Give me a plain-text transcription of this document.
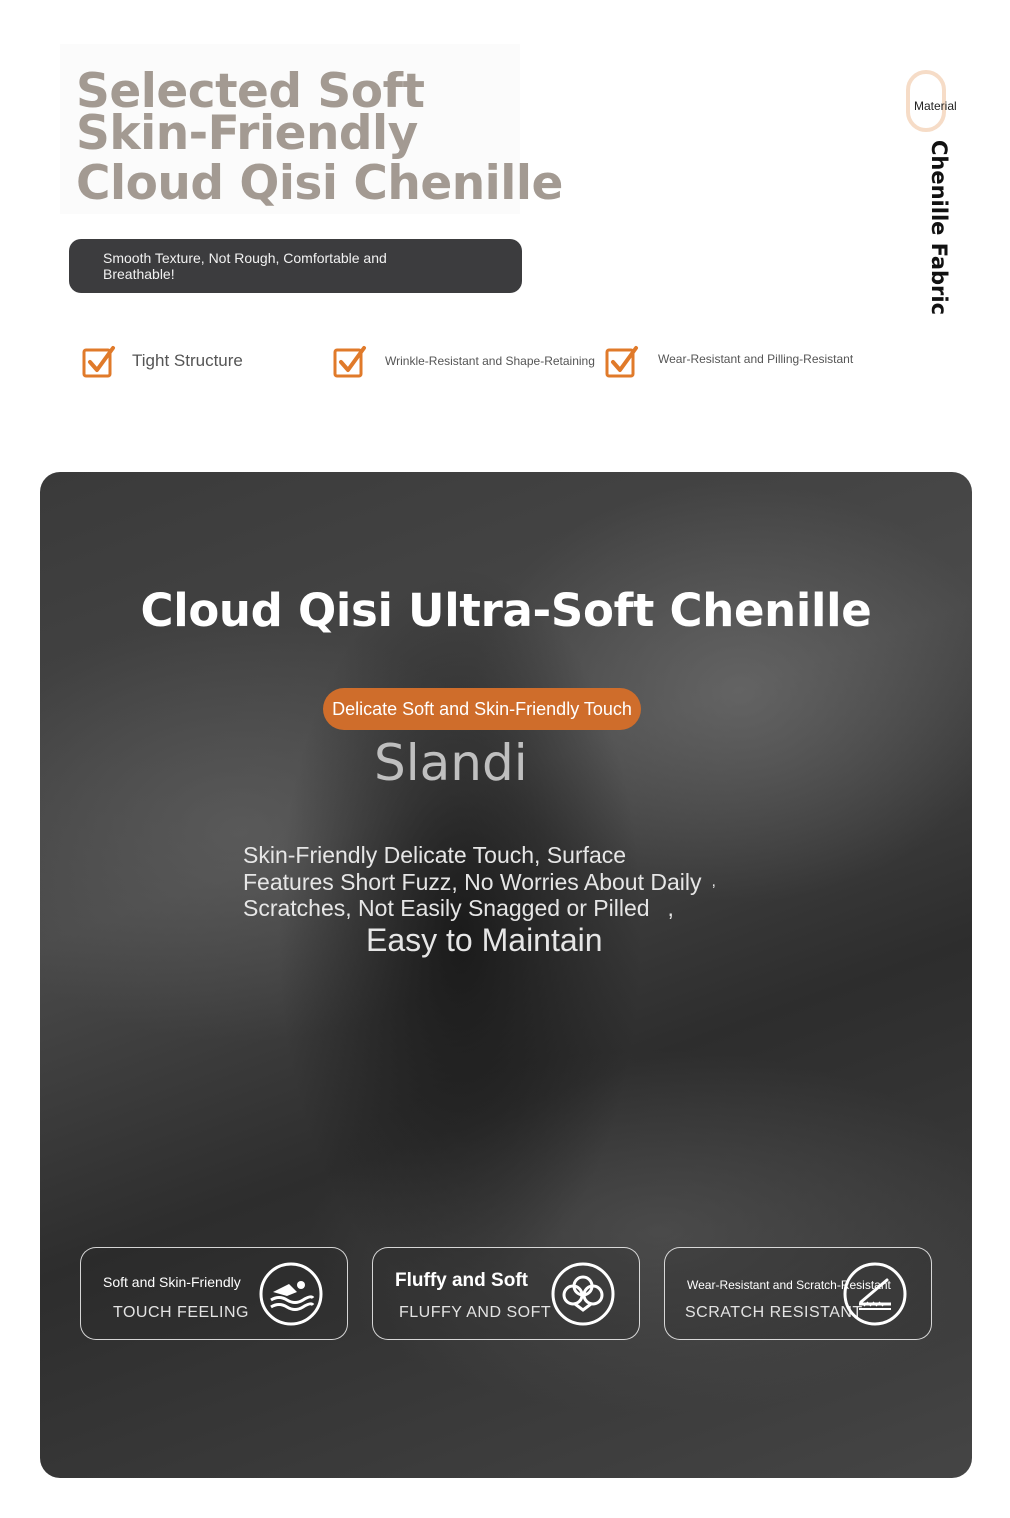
Selected Soft
Skin-Friendly
Cloud Qisi Chenille
Smooth Texture, Not Rough, Comfortable and Breathable!
Material
Chenille Fabric
Tight Structure	Wrinkle-Resistant and Shape-Retaining	Wear-Resistant and Pilling-Resistant
Cloud Qisi Ultra-Soft Chenille
Delicate Soft and Skin-Friendly Touch
Slandi
Skin-Friendly Delicate Touch, Surface
Features Short Fuzz, No Worries About Daily ,
Scratches, Not Easily Snagged or Pilled ,
Easy to Maintain
Soft and Skin-Friendly
TOUCH FEELING
Fluffy and Soft
FLUFFY AND SOFT
Wear-Resistant and Scratch-Resistant
SCRATCH RESISTANT
